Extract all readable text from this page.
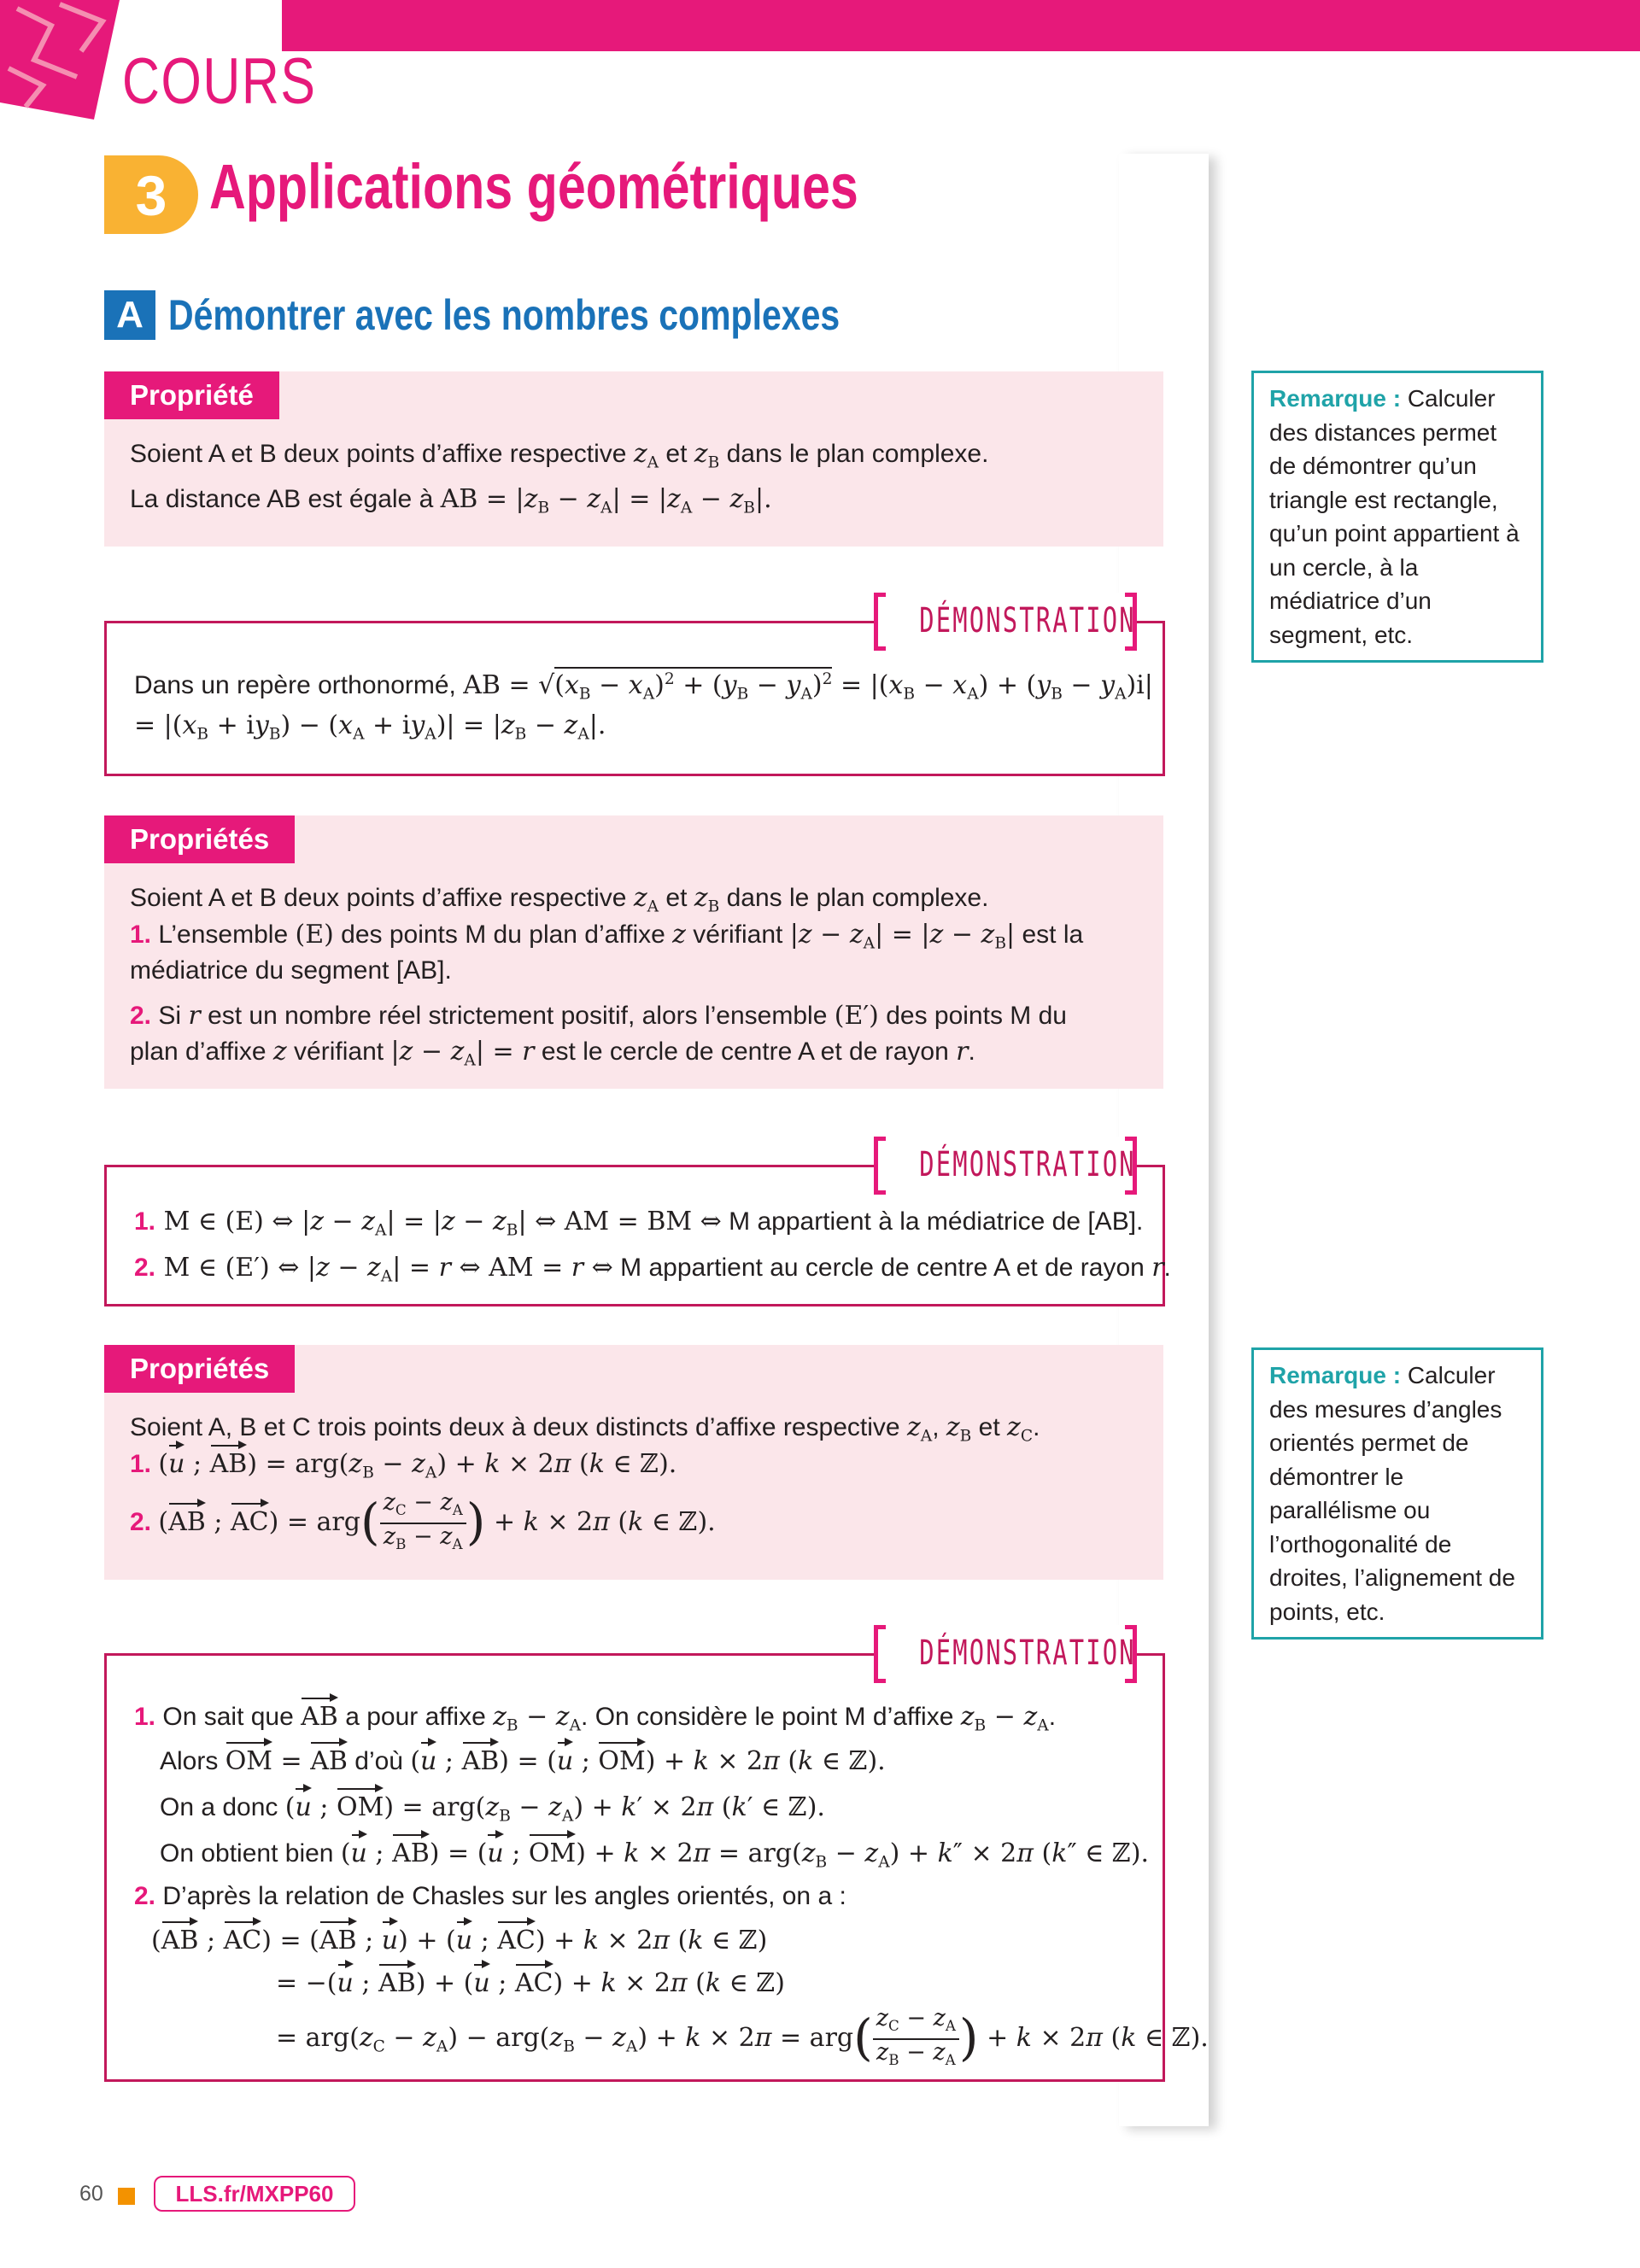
COURS
3 Applications géométriques
A Démontrer avec les nombres complexes
Propriété
Soient A et B deux points d’affixe respective $z_A$ et $z_B$ dans le plan complexe.
La distance AB est égale à AB = $|z_B - z_A| = |z_A - z_B|$.
DÉMONSTRATION
Dans un repère orthonormé, AB = $√(x_B - x_A)^2 + (y_B - y_A)^2 = |(x_B - x_A) + (y_B - y_A)i|$
= $|(x_B + iy_B) - (x_A + iy_A)| = |z_B - z_A|$.
Propriétés
Soient A et B deux points d’affixe respective $z_A$ et $z_B$ dans le plan complexe.
1. L’ensemble (E) des points M du plan d’affixe z vérifiant $|z - z_A| = |z - z_B|$ est la
médiatrice du segment [AB].
2. Si r est un nombre réel strictement positif, alors l’ensemble (E′) des points M du
plan d’affixe z vérifiant $|z - z_A| = r$ est le cercle de centre A et de rayon r.
DÉMONSTRATION
1. M ∈ (E) ⇔ $|z - z_A| = |z - z_B|$ ⇔ AM = BM ⇔ M appartient à la médiatrice de [AB].
2. M ∈ (E′) ⇔ $|z - z_A| = r$ ⇔ AM = r ⇔ M appartient au cercle de centre A et de rayon r.
Propriétés
Soient A, B et C trois points deux à deux distincts d’affixe respective $z_A$, $z_B$ et $z_C$.
1. (u ; $AB) = arg(z_B - z_A) + k \times 2\pi$ (k ∈ ℤ).
2. (AB ; $AC) = arg( \frac{z_C - z_A}{z_B - z_A}$ ) + k × 2π (k ∈ ℤ).
DÉMONSTRATION
1. On sait que AB a pour affixe $z_B - z_A$. On considère le point M d’affixe $z_B - z_A$.
Alors OM = AB d’où (u ; AB) = (u ; OM) + k × 2π (k ∈ ℤ).
On a donc (u ; $OM) = arg(z_B - z_A) + k' \times 2\pi$ (k′ ∈ ℤ).
On obtient bien (u ; AB) = (u ; $OM) + k \times 2\pi = arg(z_B - z_A) + k'' \times 2\pi$ (k″ ∈ ℤ).
2. D’après la relation de Chasles sur les angles orientés, on a :
(AB ; AC) = (AB ; u) + (u ; AC) + k × 2π (k ∈ ℤ)
= −(u ; AB) + (u ; AC) + k × 2π (k ∈ ℤ)
= $arg(z_C - z_A) - arg(z_B - z_A) + k \times 2\pi = arg( \frac{z_C - z_A}{z_B - z_A}$ ) + k × 2π (k ∈ ℤ).
Remarque : Calculer des distances permet de démontrer qu’un triangle est rectangle, qu’un point appartient à un cercle, à la médiatrice d’un segment, etc.
Remarque : Calculer des mesures d’angles orientés permet de démontrer le parallélisme ou l’orthogonalité de droites, l’alignement de points, etc.
60	LLS.fr/MXPP60
